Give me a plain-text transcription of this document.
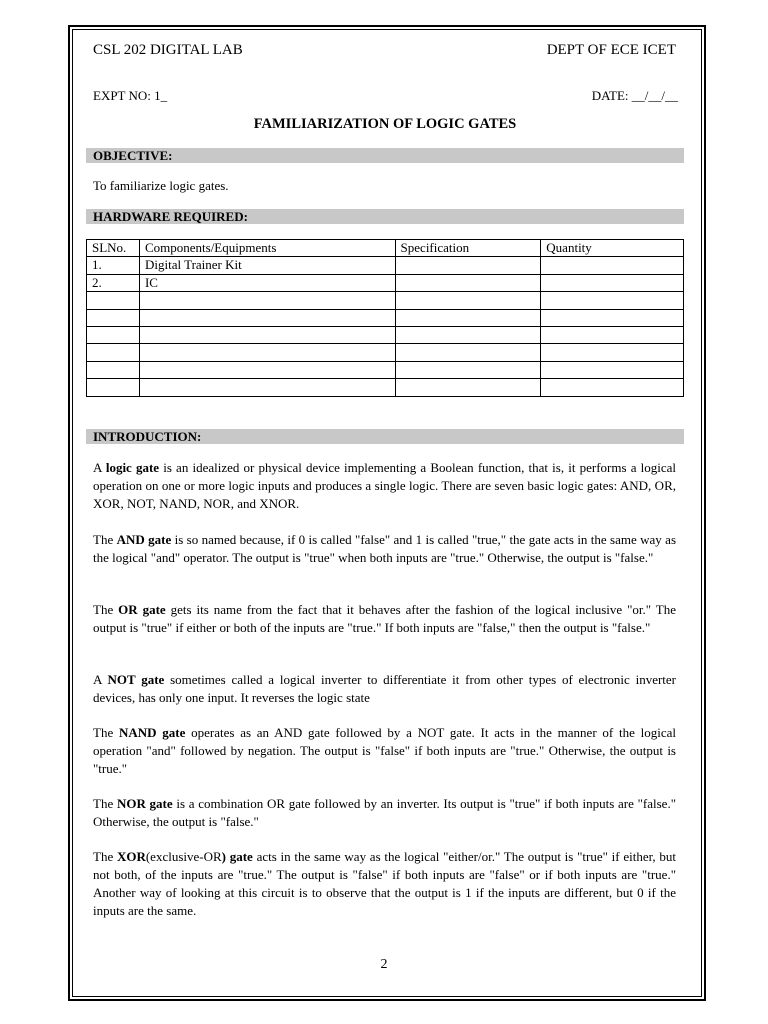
CSL 202 DIGITAL LAB	DEPT OF ECE ICET
EXPT NO: 1_	DATE: __/__/__
FAMILIARIZATION OF LOGIC GATES
OBJECTIVE:
To familiarize logic gates.
HARDWARE REQUIRED:
SLNo.	Components/Equipments	Specification	Quantity
1.	Digital Trainer Kit		
2.	IC		

INTRODUCTION:
A logic gate is an idealized or physical device implementing a Boolean function, that is, it performs a logical operation on one or more logic inputs and produces a single logic. There are seven basic logic gates: AND, OR, XOR, NOT, NAND, NOR, and XNOR.
The AND gate is so named because, if 0 is called "false" and 1 is called "true," the gate acts in the same way as the logical "and" operator. The output is "true" when both inputs are "true." Otherwise, the output is "false."
The OR gate gets its name from the fact that it behaves after the fashion of the logical inclusive "or." The output is "true" if either or both of the inputs are "true." If both inputs are "false," then the output is "false."
A NOT gate sometimes called a logical inverter to differentiate it from other types of electronic inverter devices, has only one input. It reverses the logic state
The NAND gate operates as an AND gate followed by a NOT gate. It acts in the manner of the logical operation "and" followed by negation. The output is "false" if both inputs are "true." Otherwise, the output is "true."
The NOR gate is a combination OR gate followed by an inverter. Its output is "true" if both inputs are "false." Otherwise, the output is "false."
The XOR(exclusive-OR) gate acts in the same way as the logical "either/or." The output is "true" if either, but not both, of the inputs are "true." The output is "false" if both inputs are "false" or if both inputs are "true." Another way of looking at this circuit is to observe that the output is 1 if the inputs are different, but 0 if the inputs are the same.
2
